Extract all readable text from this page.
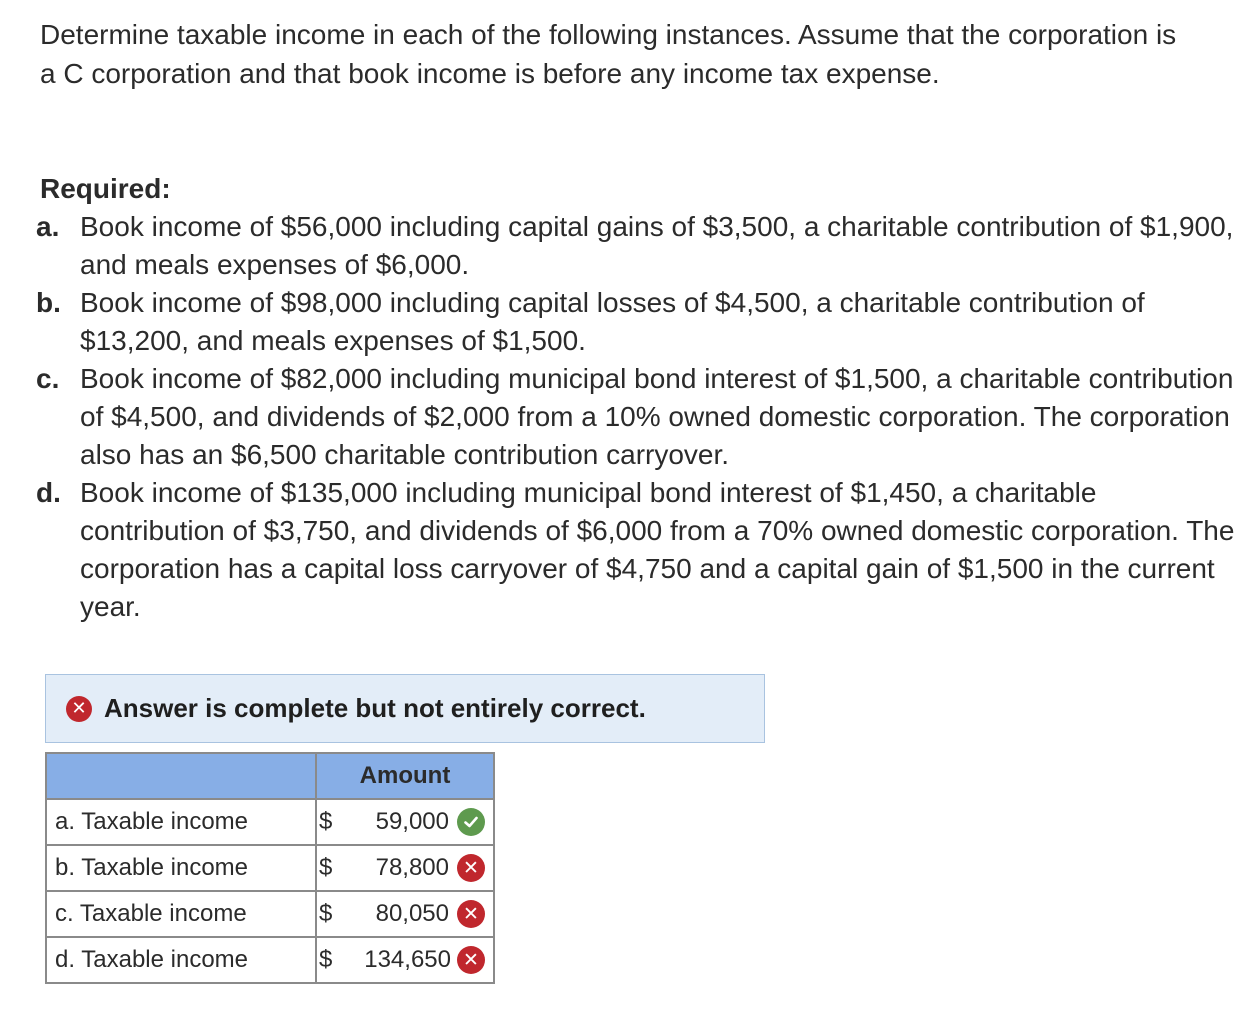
Determine taxable income in each of the following instances. Assume that the corporation is a C corporation and that book income is before any income tax expense.
Required:
a. Book income of $56,000 including capital gains of $3,500, a charitable contribution of $1,900, and meals expenses of $6,000.
b. Book income of $98,000 including capital losses of $4,500, a charitable contribution of $13,200, and meals expenses of $1,500.
c. Book income of $82,000 including municipal bond interest of $1,500, a charitable contribution of $4,500, and dividends of $2,000 from a 10% owned domestic corporation. The corporation also has an $6,500 charitable contribution carryover.
d. Book income of $135,000 including municipal bond interest of $1,450, a charitable contribution of $3,750, and dividends of $6,000 from a 70% owned domestic corporation. The corporation has a capital loss carryover of $4,750 and a capital gain of $1,500 in the current year.
✕ Answer is complete but not entirely correct.
	Amount
a. Taxable income	$ 59,000

b. Taxable income	$ 78,800 ✕

c. Taxable income	$ 80,050 ✕

d. Taxable income	$ 134,650 ✕
